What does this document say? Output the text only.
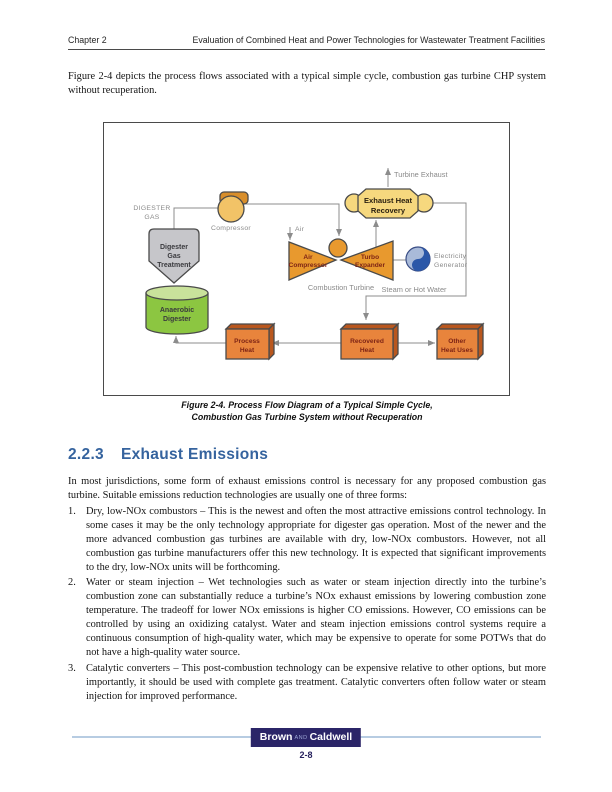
Chapter 2	Evaluation of Combined Heat and Power Technologies for Wastewater Treatment Facilities
Figure 2-4 depicts the process flows associated with a typical simple cycle, combustion gas turbine CHP system without recuperation.
Compressor
DIGESTER
GAS
Digester
Gas
Treatment
Anaerobic
Digester
Air
Air
Compressor
Turbo
Expander
Combustion Turbine
Exhaust Heat
Recovery
Turbine Exhaust
Steam or Hot Water
Electricity
Generator
Process
Heat
Recovered
Heat
Other
Heat Uses
Figure 2-4. Process Flow Diagram of a Typical Simple Cycle,
Combustion Gas Turbine System without Recuperation
2.2.3 Exhaust Emissions
In most jurisdictions, some form of exhaust emissions control is necessary for any proposed combustion gas turbine. Suitable emissions reduction technologies are usually one of three forms:
1. Dry, low-NOx combustors – This is the newest and often the most attractive emissions control technology. In some cases it may be the only technology appropriate for digester gas operation. Most of the newer and the more advanced combustion gas turbines are available with dry, low-NOx combustors. However, not all combustion gas turbine manufacturers offer this new technology. It is expected that significant improvements to the dry, low-NOx units will be forthcoming.
2. Water or steam injection – Wet technologies such as water or steam injection directly into the turbine’s combustion zone can substantially reduce a turbine’s NOx exhaust emissions by lowering combustion zone temperature. The tradeoff for lower NOx emissions is higher CO emissions. However, CO emissions can be controlled by using an oxidizing catalyst. Water and steam injection emissions control systems require a continuous consumption of high-quality water, which may be expensive to operate for some POTWs that do not have a high-quality water source.
3. Catalytic converters – This post-combustion technology can be expensive relative to other options, but more importantly, it should be used with complete gas treatment. Catalytic converters often follow water or steam injection for improved performance.
Brown AND Caldwell
2-8
